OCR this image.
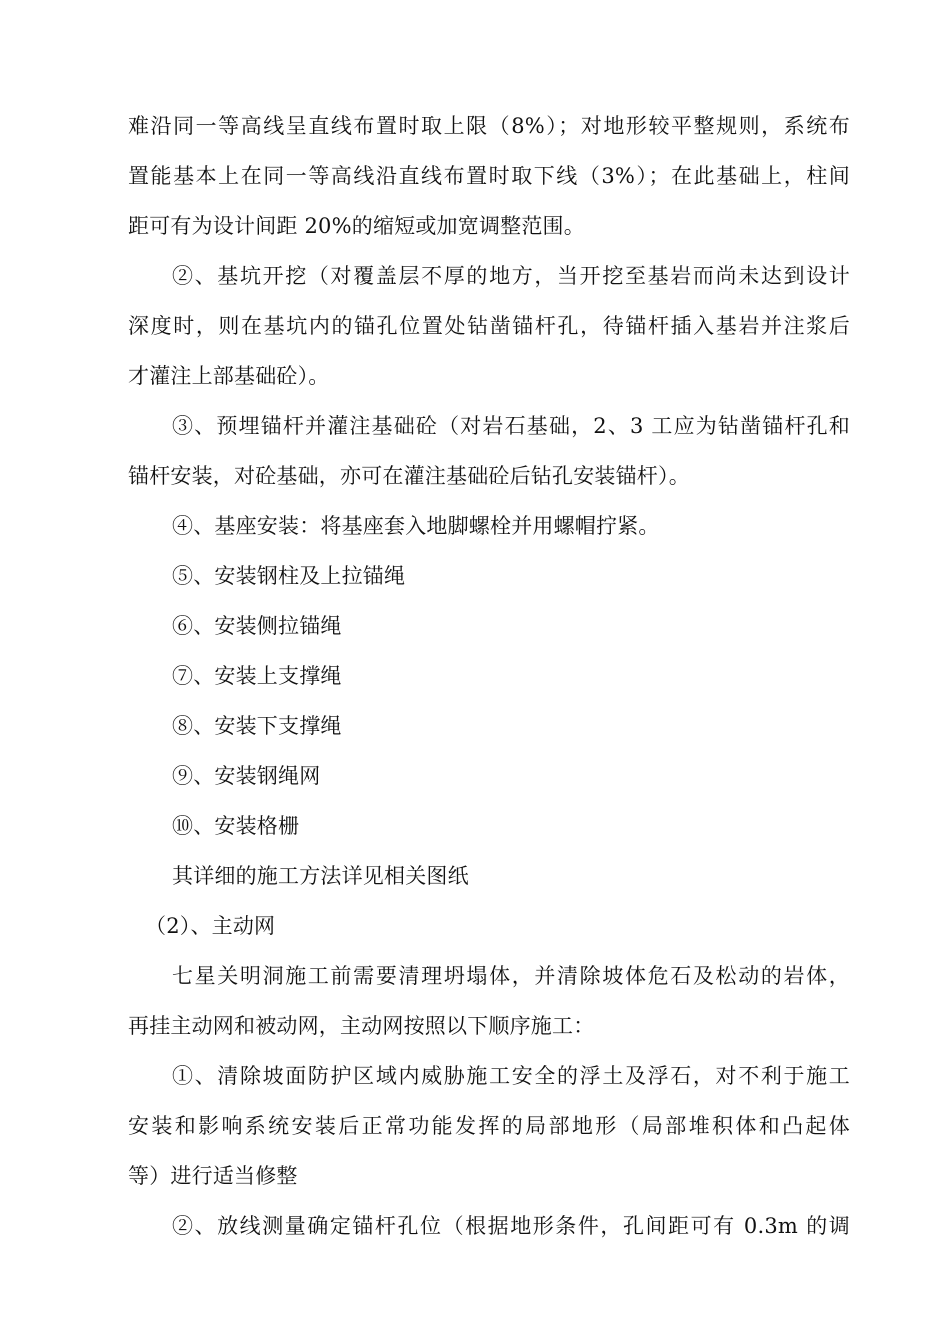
难沿同一等高线呈直线布置时取上限（8%）；对地形较平整规则，系统布
置能基本上在同一等高线沿直线布置时取下线（3%）；在此基础上，柱间
距可有为设计间距 20%的缩短或加宽调整范围。
②、基坑开挖（对覆盖层不厚的地方，当开挖至基岩而尚未达到设计
深度时，则在基坑内的锚孔位置处钻凿锚杆孔，待锚杆插入基岩并注浆后
才灌注上部基础砼）。
③、预埋锚杆并灌注基础砼（对岩石基础，2、3 工应为钻凿锚杆孔和
锚杆安装，对砼基础，亦可在灌注基础砼后钻孔安装锚杆）。
④、基座安装：将基座套入地脚螺栓并用螺帽拧紧。
⑤、安装钢柱及上拉锚绳
⑥、安装侧拉锚绳
⑦、安装上支撑绳
⑧、安装下支撑绳
⑨、安装钢绳网
⑩、安装格栅
其详细的施工方法详见相关图纸
（2）、主动网
七星关明洞施工前需要清理坍塌体，并清除坡体危石及松动的岩体，
再挂主动网和被动网，主动网按照以下顺序施工：
①、清除坡面防护区域内威胁施工安全的浮土及浮石，对不利于施工
安装和影响系统安装后正常功能发挥的局部地形（局部堆积体和凸起体
等）进行适当修整
②、放线测量确定锚杆孔位（根据地形条件，孔间距可有 0.3m 的调
